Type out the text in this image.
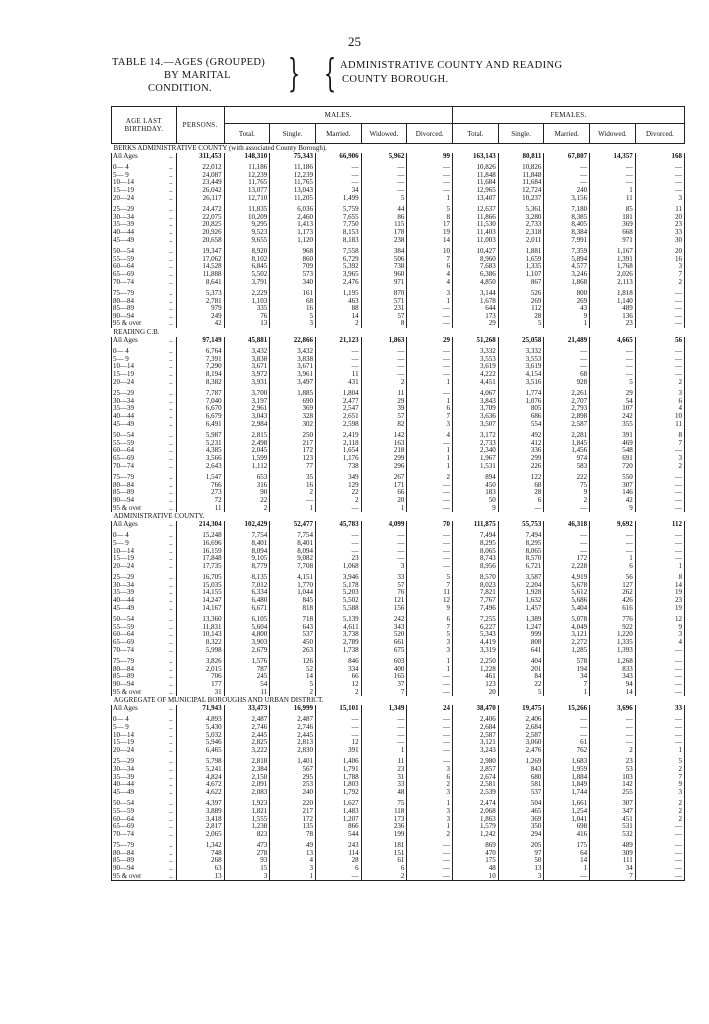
25
TABLE 14.—AGES (GROUPED)
BY MARITAL
CONDITION.	} { ADMINISTRATIVE COUNTY AND READING
COUNTY BOROUGH.
AGE LAST BIRTHDAY.	PERSONS.	MALES.					FEMALES.				
		Total.	Single.	Married.	Widowed.	Divorced.	Total.	Single.	Married.	Widowed.	Divorced.
BERKS ADMINISTRATIVE COUNTY (with associated County Borough).											
All Ages ..	311,453	148,310	75,343	66,906	5,962	99	163,143	80,811	67,807	14,357	168

0— 4 ..	22,012	11,186	11,186	—	—	—	10,826	10,826	—	—	—
5— 9 ..	24,087	12,239	12,239	—	—	—	11,848	11,848	—	—	—
10—14 ..	23,449	11,765	11,765	—	—	—	11,684	11,684	—	—	—
15—19 ..	26,042	13,077	13,043	34	—	—	12,965	12,724	240	1	—
20—24 ..	26,117	12,710	11,205	1,499	5	1	13,407	10,237	3,156	11	3

25—29 ..	24,472	11,835	6,036	5,759	44	5	12,637	5,361	7,180	85	11
30—34 ..	22,075	10,209	2,460	7,655	86	8	11,866	3,280	8,385	181	20
35—39 ..	20,825	9,295	1,413	7,750	115	17	11,530	2,733	8,405	369	23
40—44 ..	20,926	9,523	1,173	8,153	178	19	11,403	2,318	8,384	668	33
45—49 ..	20,658	9,655	1,120	8,183	238	14	11,003	2,011	7,991	971	30

50—54 ..	19,347	8,920	968	7,558	384	10	10,427	1,881	7,359	1,167	20
55—59 ..	17,062	8,102	860	6,729	506	7	8,960	1,659	5,894	1,391	16
60—64 ..	14,528	6,845	709	5,392	738	6	7,683	1,335	4,577	1,768	3
65—69 ..	11,888	5,502	573	3,965	960	4	6,386	1,107	3,246	2,026	7
70—74 ..	8,641	3,791	340	2,476	971	4	4,850	867	1,868	2,113	2

75—79 ..	5,373	2,229	161	1,195	870	3	3,144	526	800	1,818	—
80—84 ..	2,781	1,103	68	463	571	1	1,678	269	269	1,140	—
85—89 ..	979	335	16	88	231	—	644	112	43	489	—
90—94 ..	249	76	5	14	57	—	173	28	9	136	—
95 & over ..	42	13	3	2	8	—	29	5	1	23	—
READING C.B.											
All Ages ..	97,149	45,881	22,866	21,123	1,863	29	51,268	25,058	21,489	4,665	56

0— 4 ..	6,764	3,432	3,432	—	—	—	3,332	3,332	—	—	—
5— 9 ..	7,391	3,838	3,838	—	—	—	3,553	3,553	—	—	—
10—14 ..	7,290	3,671	3,671	—	—	—	3,619	3,619	—	—	—
15—19 ..	8,194	3,972	3,961	11	—	—	4,222	4,154	68	—	—
20—24 ..	8,382	3,931	3,497	431	2	1	4,451	3,516	928	5	2

25—29 ..	7,787	3,700	1,885	1,804	11	—	4,067	1,774	2,261	29	3
30—34 ..	7,040	3,197	690	2,477	29	1	3,843	1,076	2,707	54	6
35—39 ..	6,670	2,961	369	2,547	39	6	3,709	805	2,793	107	4
40—44 ..	6,679	3,043	328	2,651	57	7	3,636	686	2,898	242	10
45—49 ..	6,491	2,984	302	2,598	82	3	3,507	554	2,587	355	11

50—54 ..	5,987	2,815	250	2,419	142	4	3,172	492	2,281	391	8
55—59 ..	5,231	2,498	217	2,118	163	—	2,733	412	1,845	469	7
60—64 ..	4,385	2,045	172	1,654	218	1	2,340	336	1,456	548	—
65—69 ..	3,566	1,599	123	1,176	299	1	1,967	299	974	691	3
70—74 ..	2,643	1,112	77	738	296	1	1,531	226	583	720	2

75—79 ..	1,547	653	35	349	267	2	894	122	222	550	—
80—84 ..	766	316	16	129	171	—	450	68	75	307	—
85—89 ..	273	90	2	22	66	—	183	28	9	146	—
90—94 ..	72	22	—	2	20	—	50	6	2	42	—
95 & over ..	11	2	1	—	1	—	9	—	—	9	—
ADMINISTRATIVE COUNTY.											
All Ages ..	214,304	102,429	52,477	45,783	4,099	70	111,875	55,753	46,318	9,692	112

0— 4 ..	15,248	7,754	7,754	—	—	—	7,494	7,494	—	—	—
5— 9 ..	16,696	8,401	8,401	—	—	—	8,295	8,295	—	—	—
10—14 ..	16,159	8,094	8,094	—	—	—	8,065	8,065	—	—	—
15—19 ..	17,848	9,105	9,082	23	—	—	8,743	8,570	172	1	—
20—24 ..	17,735	8,779	7,708	1,068	3	—	8,956	6,721	2,228	6	1

25—29 ..	16,705	8,135	4,151	3,946	33	5	8,570	3,587	4,919	56	8
30—34 ..	15,035	7,012	1,770	5,178	57	7	8,023	2,204	5,678	127	14
35—39 ..	14,155	6,334	1,044	5,203	76	11	7,821	1,928	5,612	262	19
40—44 ..	14,247	6,480	845	5,502	121	12	7,767	1,632	5,686	426	23
45—49 ..	14,167	6,671	818	5,588	156	9	7,496	1,457	5,404	616	19

50—54 ..	13,360	6,105	718	5,139	242	6	7,255	1,389	5,078	776	12
55—59 ..	11,831	5,604	643	4,611	343	7	6,227	1,247	4,049	922	9
60—64 ..	10,143	4,800	537	3,738	520	5	5,343	999	3,121	1,220	3
65—69 ..	8,322	3,903	450	2,789	661	3	4,419	808	2,272	1,335	4
70—74 ..	5,998	2,679	263	1,738	675	3	3,319	641	1,285	1,393	—

75—79 ..	3,826	1,576	126	846	603	1	2,250	404	578	1,268	—
80—84 ..	2,015	787	52	334	400	1	1,228	201	194	833	—
85—89 ..	706	245	14	66	165	—	461	84	34	343	—
90—94 ..	177	54	5	12	37	—	123	22	7	94	—
95 & over ..	31	11	2	2	7	—	20	5	1	14	—
AGGREGATE OF MUNICIPAL BOROUGHS AND URBAN DISTRICT.											
All Ages ..	71,943	33,473	16,999	15,101	1,349	24	38,470	19,475	15,266	3,696	33

0— 4 ..	4,893	2,487	2,487	—	—	—	2,406	2,406	—	—	—
5— 9 ..	5,430	2,746	2,746	—	—	—	2,684	2,684	—	—	—
10—14 ..	5,032	2,445	2,445	—	—	—	2,587	2,587	—	—	—
15—19 ..	5,946	2,825	2,813	12	—	—	3,121	3,060	61	—	—
20—24 ..	6,465	3,222	2,830	391	1	—	3,243	2,476	762	2	1

25—29 ..	5,798	2,818	1,401	1,406	11	—	2,980	1,269	1,683	23	5
30—34 ..	5,241	2,384	567	1,791	23	3	2,857	843	1,959	53	2
35—39 ..	4,824	2,150	295	1,788	31	6	2,674	680	1,884	103	7
40—44 ..	4,672	2,091	253	1,803	33	2	2,581	581	1,849	142	9
45—49 ..	4,622	2,083	240	1,792	48	3	2,539	537	1,744	255	3

50—54 ..	4,397	1,923	220	1,627	75	1	2,474	504	1,661	307	2
55—59 ..	3,889	1,821	217	1,483	118	3	2,068	465	1,254	347	2
60—64 ..	3,418	1,555	172	1,207	173	3	1,863	369	1,041	451	2
65—69 ..	2,817	1,238	135	866	236	1	1,579	350	698	531	—
70—74 ..	2,065	823	78	544	199	2	1,242	294	416	532	—

75—79 ..	1,342	473	49	243	181	—	869	205	175	489	—
80—84 ..	748	278	13	114	151	—	470	97	64	309	—
85—89 ..	268	93	4	28	61	—	175	50	14	111	—
90—94 ..	63	15	3	6	6	—	48	13	1	34	—
95 & over ..	13	3	1	—	2	—	10	3	—	7	—
